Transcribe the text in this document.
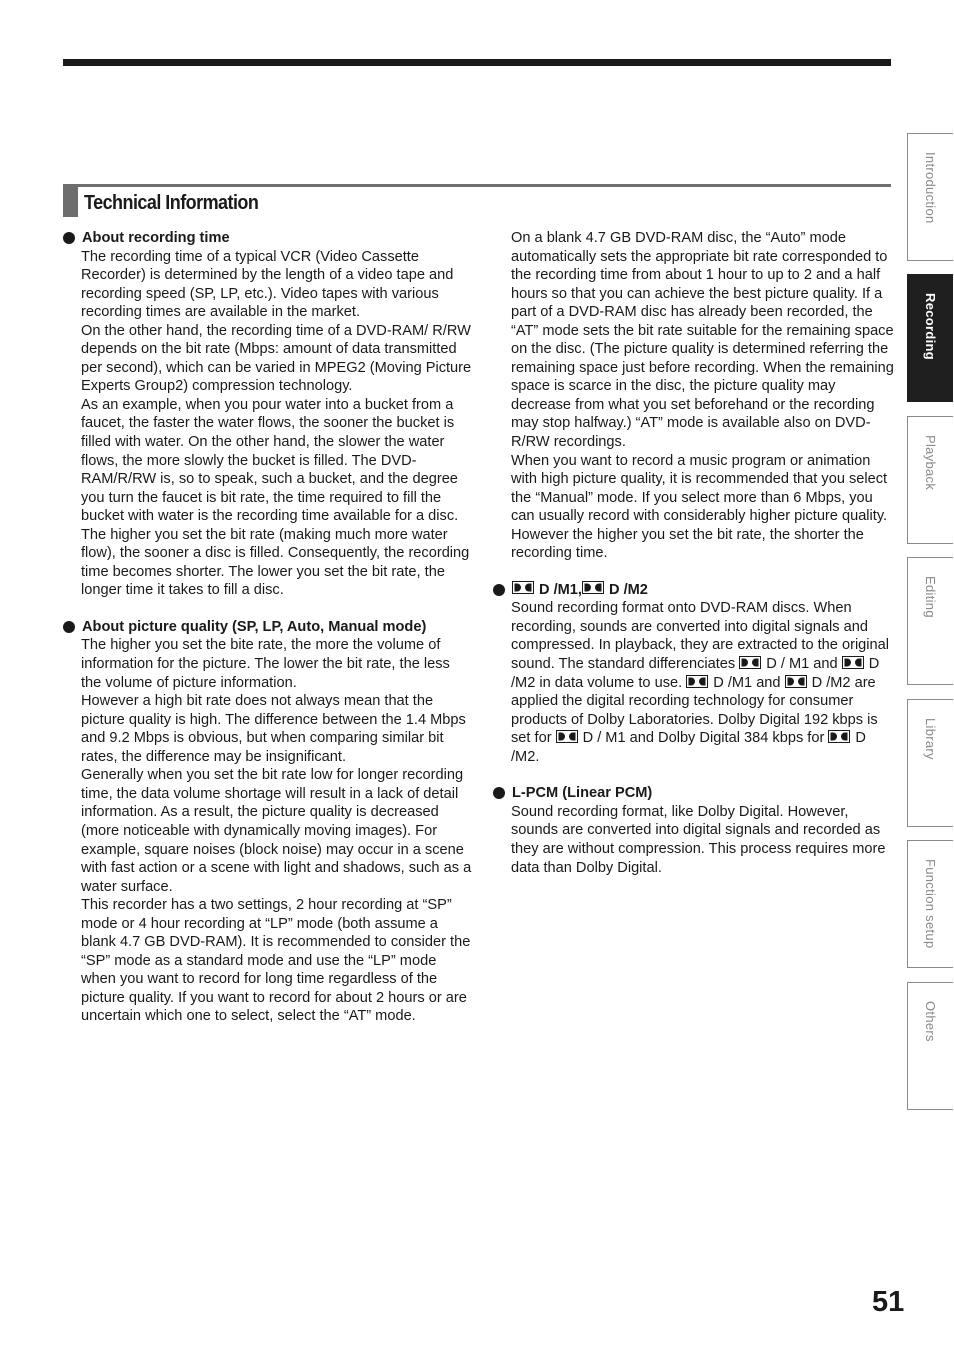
Technical Information
About recording time

The recording time of a typical VCR (Video Cassette Recorder) is determined by the length of a video tape and recording speed (SP, LP, etc.). Video tapes with various recording times are available in the market.

On the other hand, the recording time of a DVD-RAM/ R/RW depends on the bit rate (Mbps: amount of data transmitted per second), which can be varied in MPEG2 (Moving Picture Experts Group2) compression technology.

As an example, when you pour water into a bucket from a faucet, the faster the water flows, the sooner the bucket is filled with water. On the other hand, the slower the water flows, the more slowly the bucket is filled. The DVD-RAM/R/RW is, so to speak, such a bucket, and the degree you turn the faucet is bit rate, the time required to fill the bucket with water is the recording time available for a disc. The higher you set the bit rate (making much more water flow), the sooner a disc is filled. Consequently, the recording time becomes shorter. The lower you set the bit rate, the longer time it takes to fill a disc.

About picture quality (SP, LP, Auto, Manual mode)

The higher you set the bite rate, the more the volume of information for the picture. The lower the bit rate, the less the volume of picture information.

However a high bit rate does not always mean that the picture quality is high. The difference between the 1.4 Mbps and 9.2 Mbps is obvious, but when comparing similar bit rates, the difference may be insignificant.

Generally when you set the bit rate low for longer recording time, the data volume shortage will result in a lack of detail information. As a result, the picture quality is decreased (more noticeable with dynamically moving images). For example, square noises (block noise) may occur in a scene with fast action or a scene with light and shadows, such as a water surface.

This recorder has a two settings, 2 hour recording at “SP” mode or 4 hour recording at “LP” mode (both assume a blank 4.7 GB DVD-RAM). It is recommended to consider the “SP” mode as a standard mode and use the “LP” mode when you want to record for long time regardless of the picture quality. If you want to record for about 2 hours or are uncertain which one to select, select the “AT” mode.

On a blank 4.7 GB DVD-RAM disc, the “Auto” mode automatically sets the appropriate bit rate corresponded to the recording time from about 1 hour to up to 2 and a half hours so that you can achieve the best picture quality. If a part of a DVD-RAM disc has already been recorded, the “AT” mode sets the bit rate suitable for the remaining space on the disc. (The picture quality is determined referring the remaining space just before recording. When the remaining space is scarce in the disc, the picture quality may decrease from what you set beforehand or the recording may stop halfway.) “AT” mode is available also on DVD-R/RW recordings.

When you want to record a music program or animation with high picture quality, it is recommended that you select the “Manual” mode. If you select more than 6 Mbps, you can usually record with considerably higher picture quality. However the higher you set the bit rate, the shorter the recording time.

D /M1, D /M2

Sound recording format onto DVD-RAM discs. When recording, sounds are converted into digital signals and compressed. In playback, they are extracted to the original sound. The standard differenciates
D / M1 and
D /M2 in data volume to use.
D /M1 and
D /M2 are applied the digital recording technology for consumer products of Dolby Laboratories. Dolby Digital 192 kbps is set for
D / M1 and Dolby Digital 384 kbps for
D /M2.

L-PCM (Linear PCM)

Sound recording format, like Dolby Digital. However, sounds are converted into digital signals and recorded as they are without compression. This process requires more data than Dolby Digital.

Introduction
Recording
Playback
Editing
Library
Function setup
Others
51
